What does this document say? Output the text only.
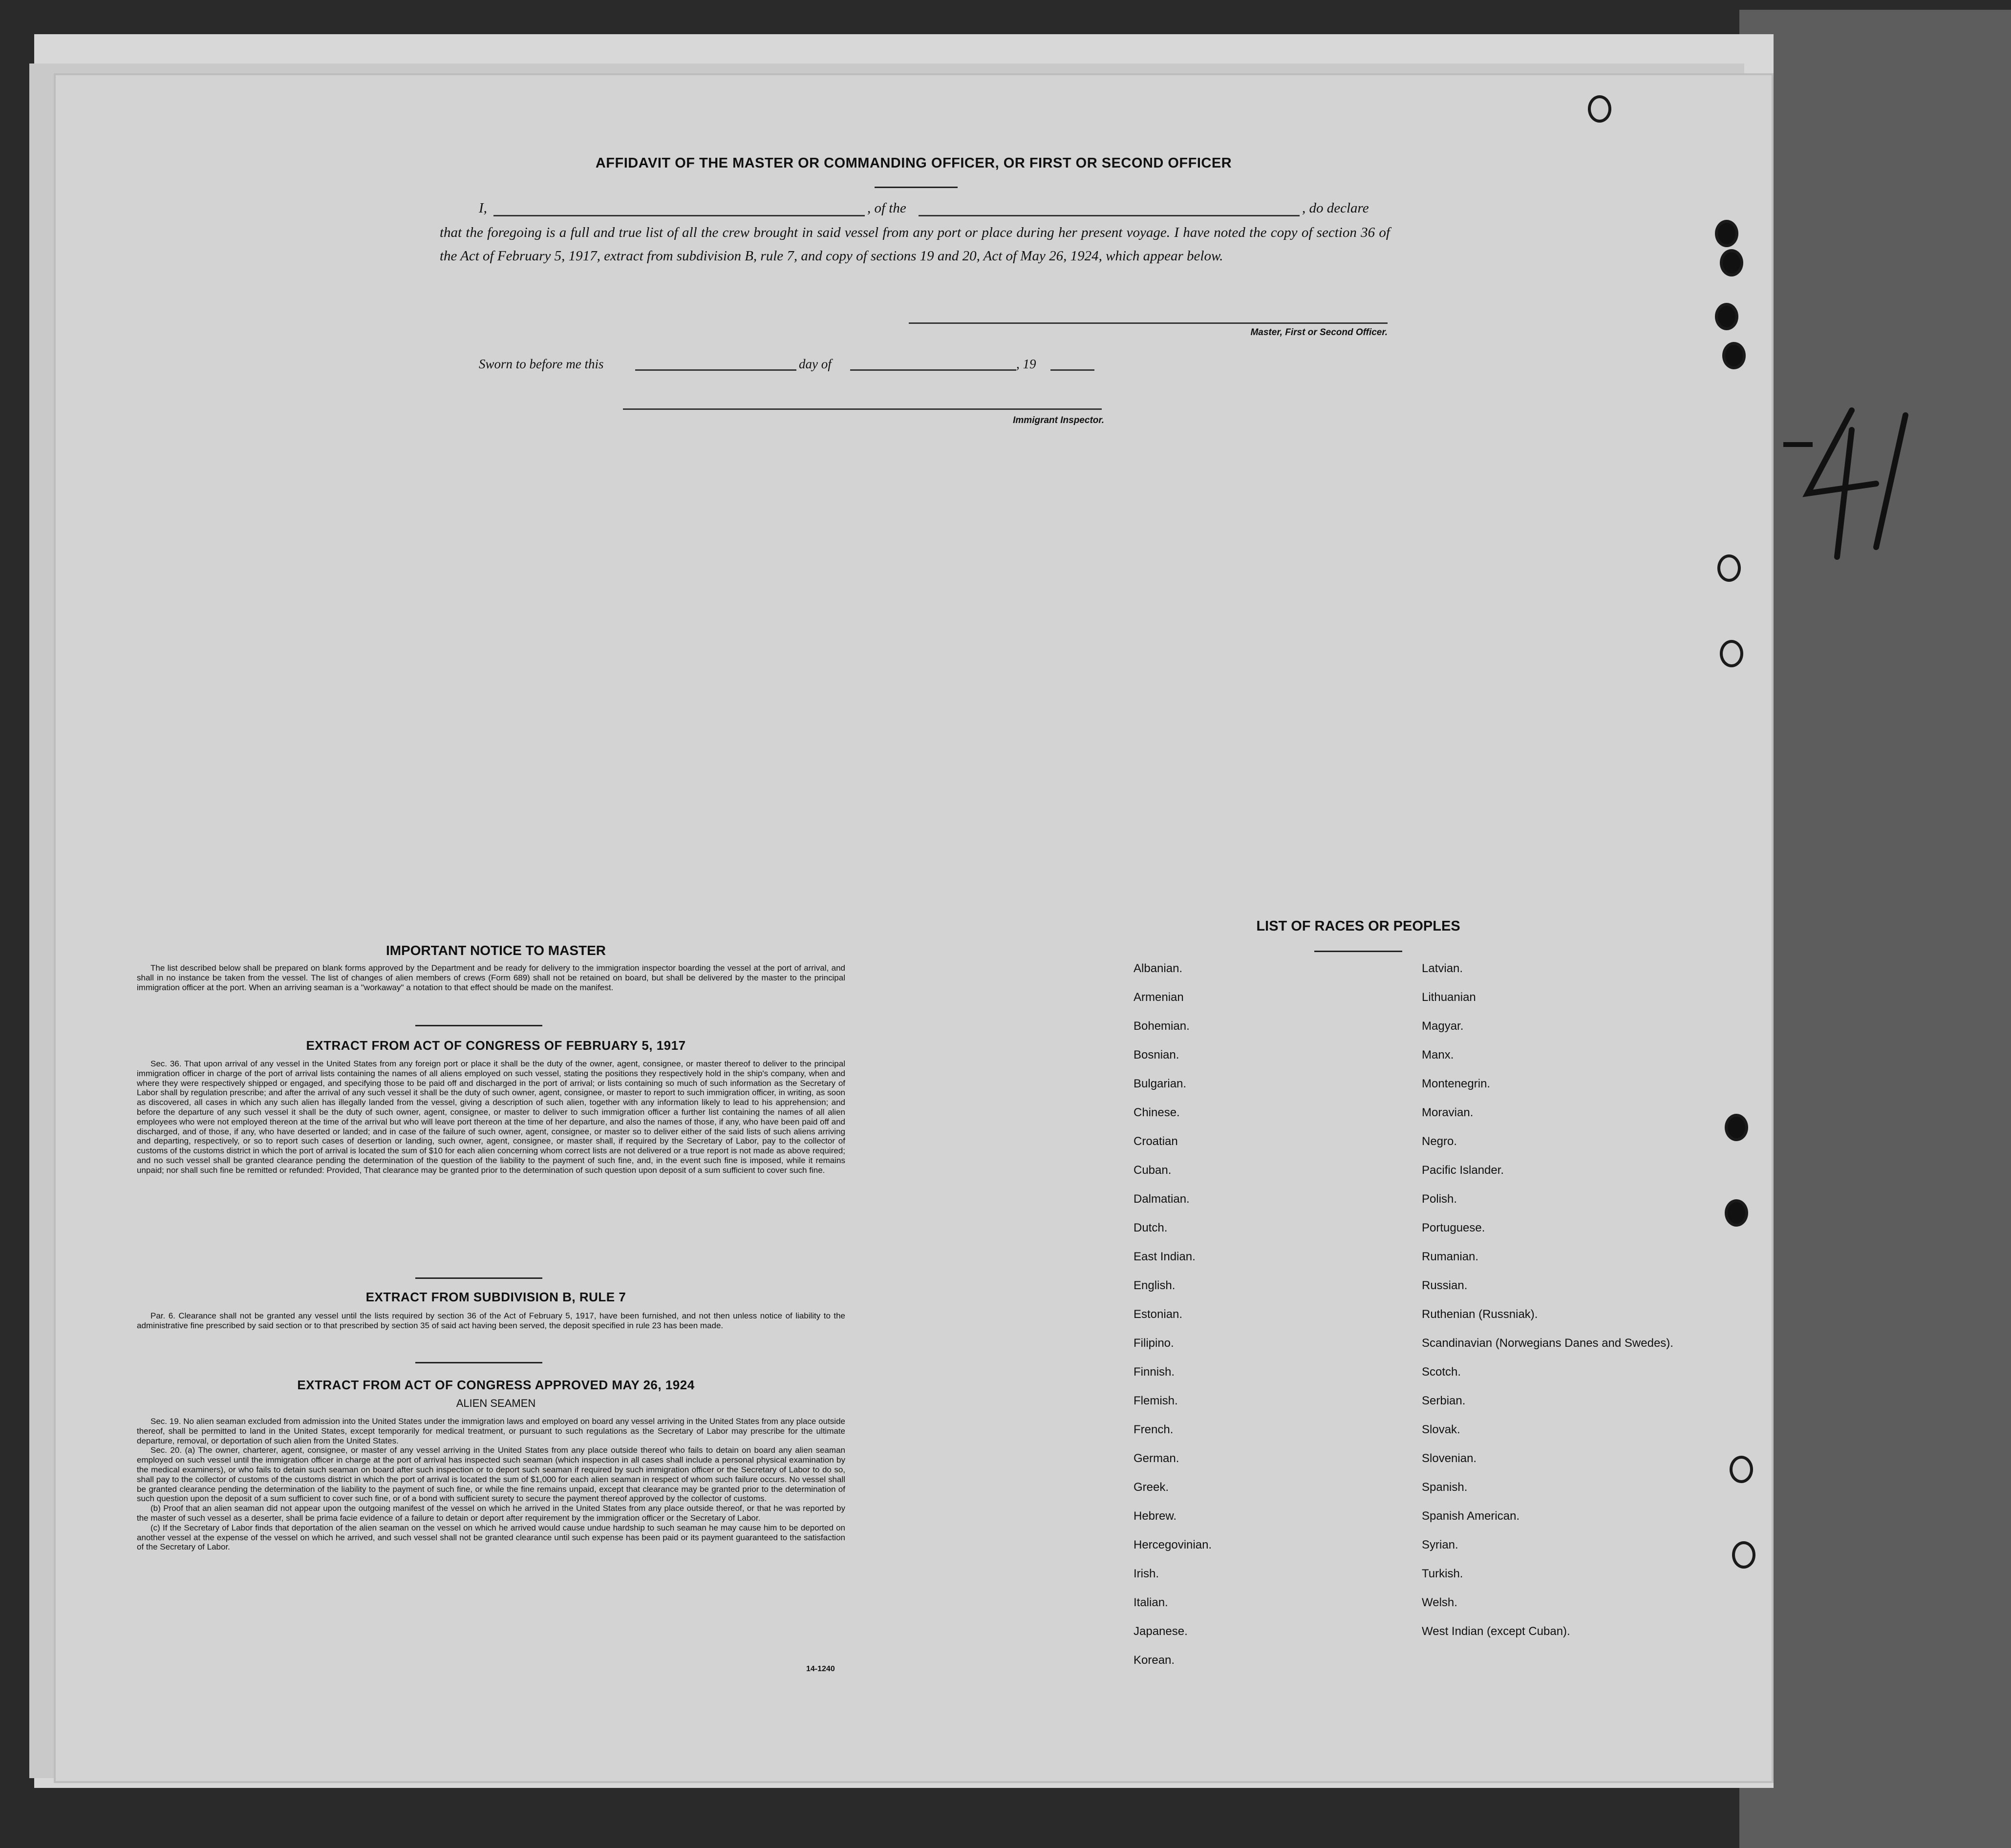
AFFIDAVIT OF THE MASTER OR COMMANDING OFFICER, OR FIRST OR SECOND OFFICER
I,	, of the	, do declare
that the foregoing is a full and true list of all the crew brought in said vessel from any port or place during her present voyage. I have noted the copy of section 36 of the Act of February 5, 1917, extract from subdivision B, rule 7, and copy of sections 19 and 20, Act of May 26, 1924, which appear below.
Master, First or Second Officer.
Sworn to before me this	day of	, 19
Immigrant Inspector.
IMPORTANT NOTICE TO MASTER

The list described below shall be prepared on blank forms approved by the Department and be ready for delivery to the immigration inspector boarding the vessel at the port of arrival, and shall in no instance be taken from the vessel. The list of changes of alien members of crews (Form 689) shall not be retained on board, but shall be delivered by the master to the principal immigration officer at the port. When an arriving seaman is a "workaway" a notation to that effect should be made on the manifest.

EXTRACT FROM ACT OF CONGRESS OF FEBRUARY 5, 1917

Sec. 36. That upon arrival of any vessel in the United States from any foreign port or place it shall be the duty of the owner, agent, consignee, or master thereof to deliver to the principal immigration officer in charge of the port of arrival lists containing the names of all aliens employed on such vessel, stating the positions they respectively hold in the ship's company, when and where they were respectively shipped or engaged, and specifying those to be paid off and discharged in the port of arrival; or lists containing so much of such information as the Secretary of Labor shall by regulation prescribe; and after the arrival of any such vessel it shall be the duty of such owner, agent, consignee, or master to report to such immigration officer, in writing, as soon as discovered, all cases in which any such alien has illegally landed from the vessel, giving a description of such alien, together with any information likely to lead to his apprehension; and before the departure of any such vessel it shall be the duty of such owner, agent, consignee, or master to deliver to such immigration officer a further list containing the names of all alien employees who were not employed thereon at the time of the arrival but who will leave port thereon at the time of her departure, and also the names of those, if any, who have been paid off and discharged, and of those, if any, who have deserted or landed; and in case of the failure of such owner, agent, consignee, or master so to deliver either of the said lists of such aliens arriving and departing, respectively, or so to report such cases of desertion or landing, such owner, agent, consignee, or master shall, if required by the Secretary of Labor, pay to the collector of customs of the customs district in which the port of arrival is located the sum of $10 for each alien concerning whom correct lists are not delivered or a true report is not made as above required; and no such vessel shall be granted clearance pending the determination of the question of the liability to the payment of such fine, and, in the event such fine is imposed, while it remains unpaid; nor shall such fine be remitted or refunded: Provided, That clearance may be granted prior to the determination of such question upon deposit of a sum sufficient to cover such fine.

EXTRACT FROM SUBDIVISION B, RULE 7

Par. 6. Clearance shall not be granted any vessel until the lists required by section 36 of the Act of February 5, 1917, have been furnished, and not then unless notice of liability to the administrative fine prescribed by said section or to that prescribed by section 35 of said act having been served, the deposit specified in rule 23 has been made.

EXTRACT FROM ACT OF CONGRESS APPROVED MAY 26, 1924
ALIEN SEAMEN

Sec. 19. No alien seaman excluded from admission into the United States under the immigration laws and employed on board any vessel arriving in the United States from any place outside thereof, shall be permitted to land in the United States, except temporarily for medical treatment, or pursuant to such regulations as the Secretary of Labor may prescribe for the ultimate departure, removal, or deportation of such alien from the United States.

Sec. 20. (a) The owner, charterer, agent, consignee, or master of any vessel arriving in the United States from any place outside thereof who fails to detain on board any alien seaman employed on such vessel until the immigration officer in charge at the port of arrival has inspected such seaman (which inspection in all cases shall include a personal physical examination by the medical examiners), or who fails to detain such seaman on board after such inspection or to deport such seaman if required by such immigration officer or the Secretary of Labor to do so, shall pay to the collector of customs of the customs district in which the port of arrival is located the sum of $1,000 for each alien seaman in respect of whom such failure occurs. No vessel shall be granted clearance pending the determination of the liability to the payment of such fine, or while the fine remains unpaid, except that clearance may be granted prior to the determination of such question upon the deposit of a sum sufficient to cover such fine, or of a bond with sufficient surety to secure the payment thereof approved by the collector of customs.

(b) Proof that an alien seaman did not appear upon the outgoing manifest of the vessel on which he arrived in the United States from any place outside thereof, or that he was reported by the master of such vessel as a deserter, shall be prima facie evidence of a failure to detain or deport after requirement by the immigration officer or the Secretary of Labor.

(c) If the Secretary of Labor finds that deportation of the alien seaman on the vessel on which he arrived would cause undue hardship to such seaman he may cause him to be deported on another vessel at the expense of the vessel on which he arrived, and such vessel shall not be granted clearance until such expense has been paid or its payment guaranteed to the satisfaction of the Secretary of Labor.

14-1240
LIST OF RACES OR PEOPLES
Albanian.
Armenian
Bohemian.
Bosnian.
Bulgarian.
Chinese.
Croatian
Cuban.
Dalmatian.
Dutch.
East Indian.
English.
Estonian.
Filipino.
Finnish.
Flemish.
French.
German.
Greek.
Hebrew.
Hercegovinian.
Irish.
Italian.
Japanese.
Korean.
Latvian.
Lithuanian
Magyar.
Manx.
Montenegrin.
Moravian.
Negro.
Pacific Islander.
Polish.
Portuguese.
Rumanian.
Russian.
Ruthenian (Russniak).
Scandinavian (Norwegians Danes and Swedes).
Scotch.
Serbian.
Slovak.
Slovenian.
Spanish.
Spanish American.
Syrian.
Turkish.
Welsh.
West Indian (except Cuban).
